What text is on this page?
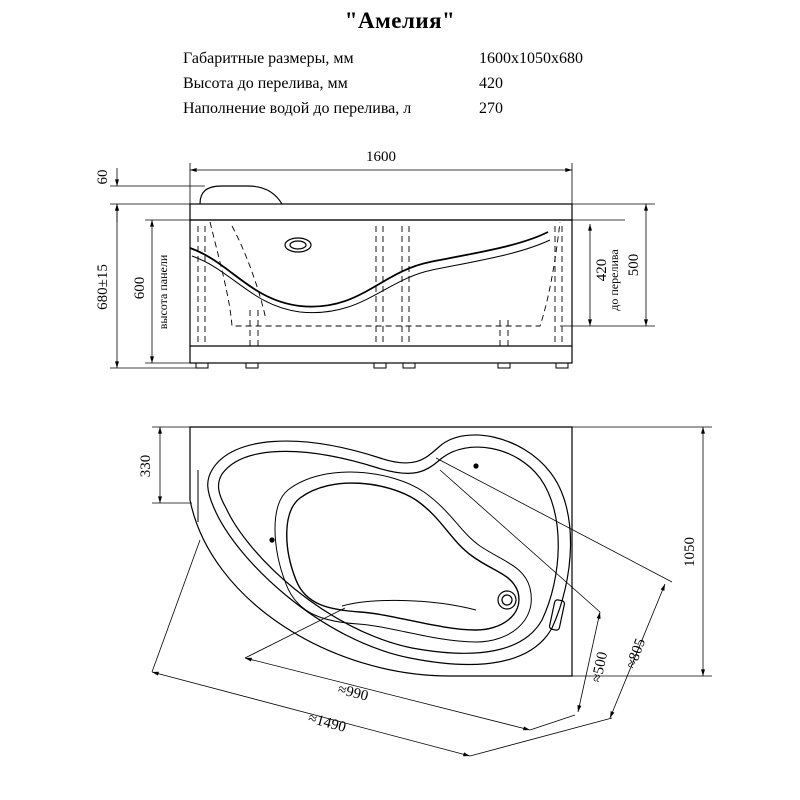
"Амелия"
Габаритные размеры, мм	1600х1050х680
Высота до перелива, мм	420
Наполнение водой до перелива, л	270
1600
60
680±15 600 высота панели	420
до перелива 500
330
1050
≈500 ≈805
≈990
≈1490
